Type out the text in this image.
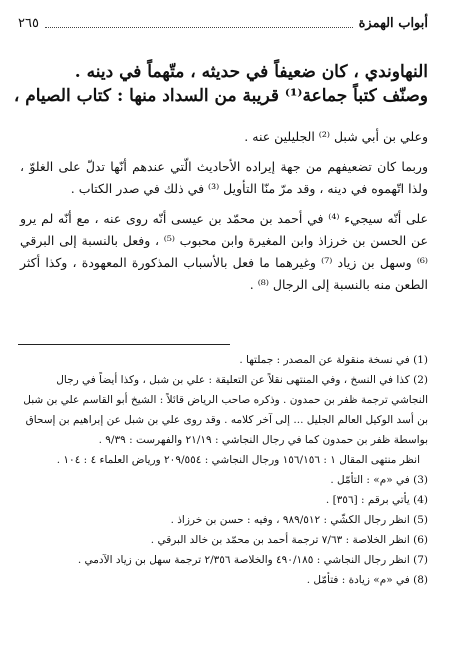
أبواب الهمزة
٢٦٥

النهاوندي ، كان ضعيفاً في حديثه ، متّهماً في دينه .

وصنّف كتباً جماعة⁽¹⁾ قريبة من السداد منها : كتاب الصيام ،

وعلي بن أبي شبل ⁽²⁾ الجليلين عنه .

وربما كان تضعيفهم من جهة إيراده الأحاديث الّتي عندهم أنّها تدلّ على الغلوّ ، ولذا اتّهموه في دينه ، وقد مرّ منّا التأويل ⁽³⁾ في ذلك في صدر الكتاب .

على أنّه سيجيء ⁽⁴⁾ في أحمد بن محمّد بن عيسى أنّه روى عنه ، مع أنّه لم يرو عن الحسن بن خرزاذ وابن المغيرة وابن محبوب ⁽⁵⁾ ، وفعل بالنسبة إلى البرقي ⁽⁶⁾ وسهل بن زياد ⁽⁷⁾ وغيرهما ما فعل بالأسباب المذكورة المعهودة ، وكذا أكثر الطعن منه بالنسبة إلى الرجال ⁽⁸⁾ .

(1) في نسخة منقولة عن المصدر : جملتها .

(2) كذا في النسخ ، وفي المنتهى نقلاً عن التعليقة : علي بن شبل ، وكذا أيضاً في رجال النجاشي ترجمة ظفر بن حمدون . وذكره صاحب الرياض قائلاً : الشيخ أبو القاسم علي بن شبل بن أسد الوكيل العالم الجليل ... إلى آخر كلامه . وقد روى علي بن شبل عن إبراهيم بن إسحاق بواسطة ظفر بن حمدون كما في رجال النجاشي : ٢١/١٩ والفهرست : ٩/٣٩ .

انظر منتهى المقال ١ : ١٥٦/١٥٦ ورجال النجاشي : ٢٠٩/٥٥٤ ورياض العلماء ٤ : ١٠٤ .

(3) في «م» : التأمّل .

(4) يأتي برقم : [٣٥٦] .

(5) انظر رجال الكشّي : ٩٨٩/٥١٢ ، وفيه : حسن بن خرزاذ .

(6) انظر الخلاصة : ٧/٦٣ ترجمة أحمد بن محمّد بن خالد البرقي .

(7) انظر رجال النجاشي : ٤٩٠/١٨٥ والخلاصة ٢/٣٥٦ ترجمة سهل بن زياد الآدمي .

(8) في «م» زيادة : فتأمّل .
